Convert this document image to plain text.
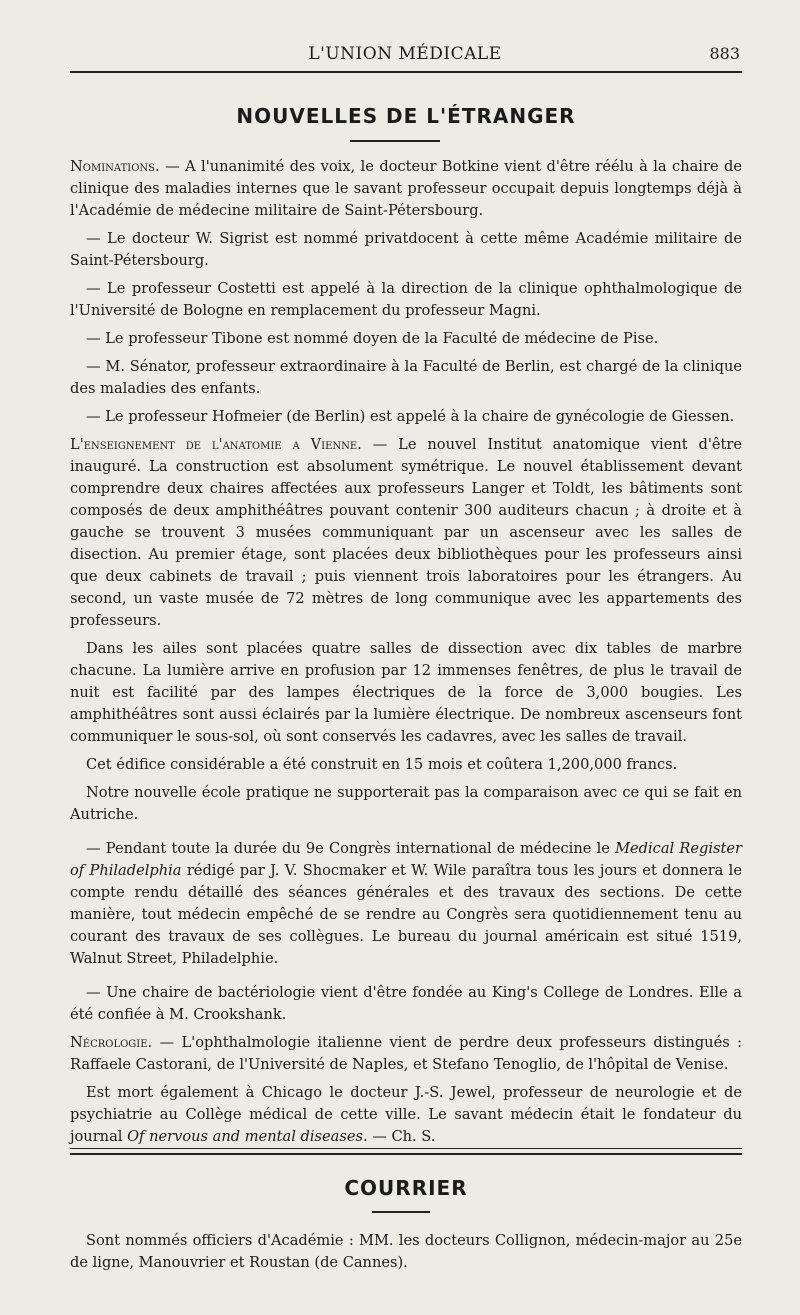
L'UNION MÉDICALE	883
NOUVELLES DE L'ÉTRANGER

Nominations. — A l'unanimité des voix, le docteur Botkine vient d'être réélu à la chaire de clinique des maladies internes que le savant professeur occupait depuis longtemps déjà à l'Académie de médecine militaire de Saint-Pétersbourg.

— Le docteur W. Sigrist est nommé privatdocent à cette même Académie militaire de Saint-Pétersbourg.

— Le professeur Costetti est appelé à la direction de la clinique ophthalmologique de l'Université de Bologne en remplacement du professeur Magni.

— Le professeur Tibone est nommé doyen de la Faculté de médecine de Pise.

— M. Sénator, professeur extraordinaire à la Faculté de Berlin, est chargé de la clinique des maladies des enfants.

— Le professeur Hofmeier (de Berlin) est appelé à la chaire de gynécologie de Giessen.

L'enseignement de l'anatomie a Vienne. — Le nouvel Institut anatomique vient d'être inauguré. La construction est absolument symétrique. Le nouvel établissement devant comprendre deux chaires affectées aux professeurs Langer et Toldt, les bâtiments sont composés de deux amphithéâtres pouvant contenir 300 auditeurs chacun ; à droite et à gauche se trouvent 3 musées communiquant par un ascenseur avec les salles de disection. Au premier étage, sont placées deux bibliothèques pour les professeurs ainsi que deux cabinets de travail ; puis viennent trois laboratoires pour les étrangers. Au second, un vaste musée de 72 mètres de long communique avec les appartements des professeurs.

Dans les ailes sont placées quatre salles de dissection avec dix tables de marbre chacune. La lumière arrive en profusion par 12 immenses fenêtres, de plus le travail de nuit est facilité par des lampes électriques de la force de 3,000 bougies. Les amphithéâtres sont aussi éclairés par la lumière électrique. De nombreux ascenseurs font communiquer le sous-sol, où sont conservés les cadavres, avec les salles de travail.

Cet édifice considérable a été construit en 15 mois et coûtera 1,200,000 francs.

Notre nouvelle école pratique ne supporterait pas la comparaison avec ce qui se fait en Autriche.

— Pendant toute la durée du 9e Congrès international de médecine le Medical Register of Philadelphia rédigé par J. V. Shocmaker et W. Wile paraîtra tous les jours et donnera le compte rendu détaillé des séances générales et des travaux des sections. De cette manière, tout médecin empêché de se rendre au Congrès sera quotidiennement tenu au courant des travaux de ses collègues. Le bureau du journal américain est situé 1519, Walnut Street, Philadelphie.

— Une chaire de bactériologie vient d'être fondée au King's College de Londres. Elle a été confiée à M. Crookshank.

Nécrologie. — L'ophthalmologie italienne vient de perdre deux professeurs distingués : Raffaele Castorani, de l'Université de Naples, et Stefano Tenoglio, de l'hôpital de Venise.

Est mort également à Chicago le docteur J.-S. Jewel, professeur de neurologie et de psychiatrie au Collège médical de cette ville. Le savant médecin était le fondateur du journal Of nervous and mental diseases. — Ch. S.

COURRIER

Sont nommés officiers d'Académie : MM. les docteurs Collignon, médecin-major au 25e de ligne, Manouvrier et Roustan (de Cannes).
